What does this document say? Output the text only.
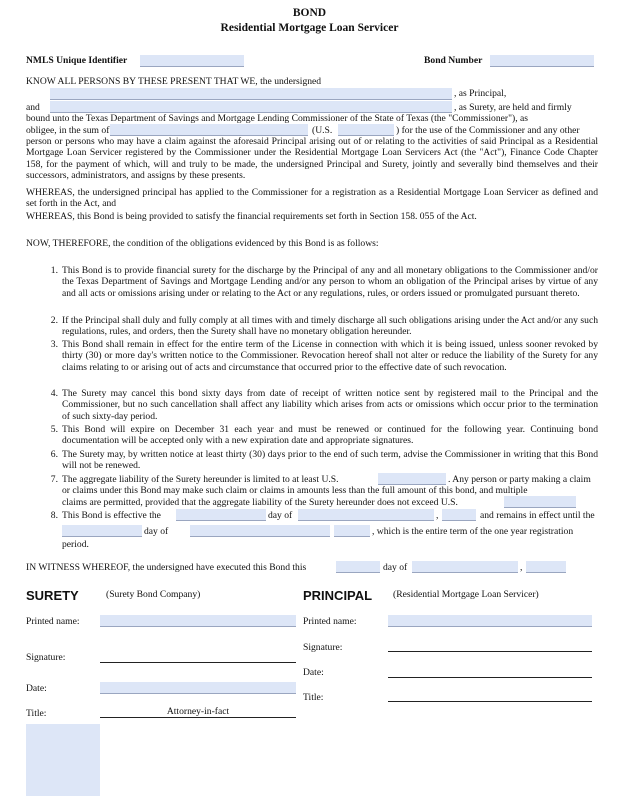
BOND
Residential Mortgage Loan Servicer
NMLS Unique Identifier	Bond Number
KNOW ALL PERSONS BY THESE PRESENT THAT WE, the undersigned
, as Principal,
and	, as Surety, are held and firmly
bound unto the Texas Department of Savings and Mortgage Lending Commissioner of the State of Texas (the "Commissioner"), as
obligee, in the sum of	(U.S.	) for the use of the Commissioner and any other
person or persons who may have a claim against the aforesaid Principal arising out of or relating to the activities of said Principal as a Residential Mortgage Loan Servicer registered by the Commissioner under the Residential Mortgage Loan Servicers Act (the "Act"), Finance Code Chapter 158, for the payment of which, will and truly to be made, the undersigned Principal and Surety, jointly and severally bind themselves and their successors, administrators, and assigns by these presents.
WHEREAS, the undersigned principal has applied to the Commissioner for a registration as a Residential Mortgage Loan Servicer as defined and set forth in the Act, and
WHEREAS, this Bond is being provided to satisfy the financial requirements set forth in Section 158. 055 of the Act.
NOW, THEREFORE, the condition of the obligations evidenced by this Bond is as follows:
1. This Bond is to provide financial surety for the discharge by the Principal of any and all monetary obligations to the Commissioner and/or the Texas Department of Savings and Mortgage Lending and/or any person to whom an obligation of the Principal arises by virtue of any and all acts or omissions arising under or relating to the Act or any regulations, rules, or orders issued or promulgated pursuant thereto.
2. If the Principal shall duly and fully comply at all times with and timely discharge all such obligations arising under the Act and/or any such regulations, rules, and orders, then the Surety shall have no monetary obligation hereunder.
3. This Bond shall remain in effect for the entire term of the License in connection with which it is being issued, unless sooner revoked by thirty (30) or more day's written notice to the Commissioner. Revocation hereof shall not alter or reduce the liability of the Surety for any claims relating to or arising out of acts and circumstance that occurred prior to the effective date of such revocation.
4. The Surety may cancel this bond sixty days from date of receipt of written notice sent by registered mail to the Principal and the Commissioner, but no such cancellation shall affect any liability which arises from acts or omissions which occur prior to the termination of such sixty-day period.
5. This Bond will expire on December 31 each year and must be renewed or continued for the following year. Continuing bond documentation will be accepted only with a new expiration date and appropriate signatures.
6. The Surety may, by written notice at least thirty (30) days prior to the end of such term, advise the Commissioner in writing that this Bond will not be renewed.
7. The aggregate liability of the Surety hereunder is limited to at least U.S.	. Any person or party making a claim
or claims under this Bond may make such claim or claims in amounts less than the full amount of this bond, and multiple
claims are permitted, provided that the aggregate liability of the Surety hereunder does not exceed U.S.
8. This Bond is effective the	day of	,	and remains in effect until the
day of	, which is the entire term of the one year registration
period.
IN WITNESS WHEREOF, the undersigned have executed this Bond this	day of	,
SURETY	(Surety Bond Company)
Printed name:
Signature:
Date:
Title:	Attorney-in-fact
PRINCIPAL (Residential Mortgage Loan Servicer)
Printed name:
Signature:
Date:
Title:
